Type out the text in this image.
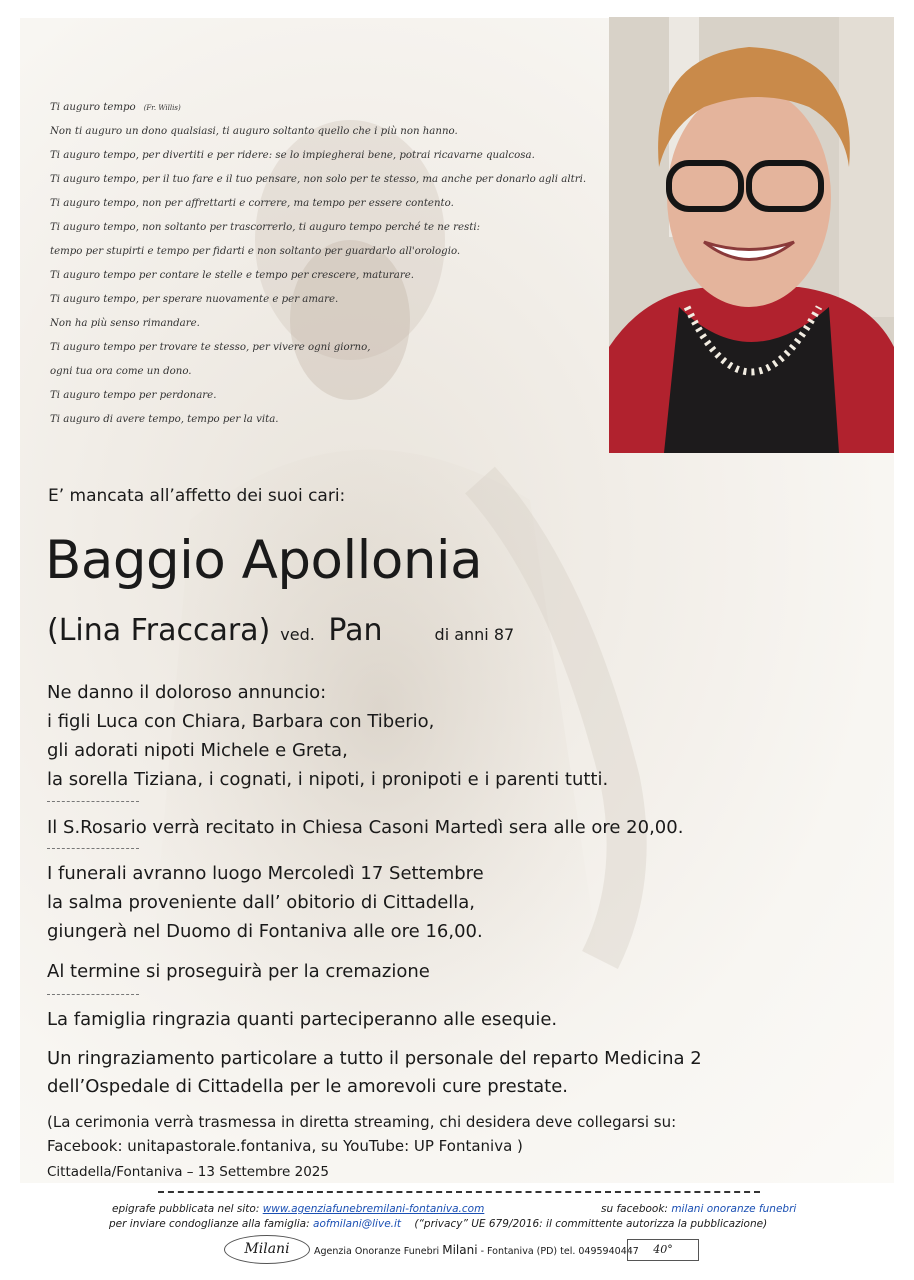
Ti auguro tempo (Fr. Willis)
Non ti auguro un dono qualsiasi, ti auguro soltanto quello che i più non hanno.
Ti auguro tempo, per divertiti e per ridere: se lo impiegherai bene, potrai ricavarne qualcosa.
Ti auguro tempo, per il tuo fare e il tuo pensare, non solo per te stesso, ma anche per donarlo agli altri.
Ti auguro tempo, non per affrettarti e correre, ma tempo per essere contento.
Ti auguro tempo, non soltanto per trascorrerlo, ti auguro tempo perché te ne resti:
tempo per stupirti e tempo per fidarti e non soltanto per guardarlo all'orologio.
Ti auguro tempo per contare le stelle e tempo per crescere, maturare.
Ti auguro tempo, per sperare nuovamente e per amare.
Non ha più senso rimandare.
Ti auguro tempo per trovare te stesso, per vivere ogni giorno,
ogni tua ora come un dono.
Ti auguro tempo per perdonare.
Ti auguro di avere tempo, tempo per la vita.
E’ mancata all’affetto dei suoi cari:
Baggio Apollonia
(Lina Fraccara) ved. Pan	di anni 87
Ne danno il doloroso annuncio:
i figli Luca con Chiara, Barbara con Tiberio,
gli adorati nipoti Michele e Greta,
la sorella Tiziana, i cognati, i nipoti, i pronipoti e i parenti tutti.
Il S.Rosario verrà recitato in Chiesa Casoni Martedì sera alle ore 20,00.
I funerali avranno luogo Mercoledì 17 Settembre
la salma proveniente dall’ obitorio di Cittadella,
giungerà nel Duomo di Fontaniva alle ore 16,00.
Al termine si proseguirà per la cremazione
La famiglia ringrazia quanti parteciperanno alle esequie.
Un ringraziamento particolare a tutto il personale del reparto Medicina 2
dell’Ospedale di Cittadella per le amorevoli cure prestate.
(La cerimonia verrà trasmessa in diretta streaming, chi desidera deve collegarsi su:
Facebook: unitapastorale.fontaniva, su YouTube: UP Fontaniva )
Cittadella/Fontaniva – 13 Settembre 2025
epigrafe pubblicata nel sito: www.agenziafunebremilani-fontaniva.com	su facebook: milani onoranze funebri
per inviare condoglianze alla famiglia: aofmilani@live.it (“privacy” UE 679/2016: il committente autorizza la pubblicazione)
Milani	Agenzia Onoranze Funebri Milani - Fontaniva (PD) tel. 0495940447	40°
